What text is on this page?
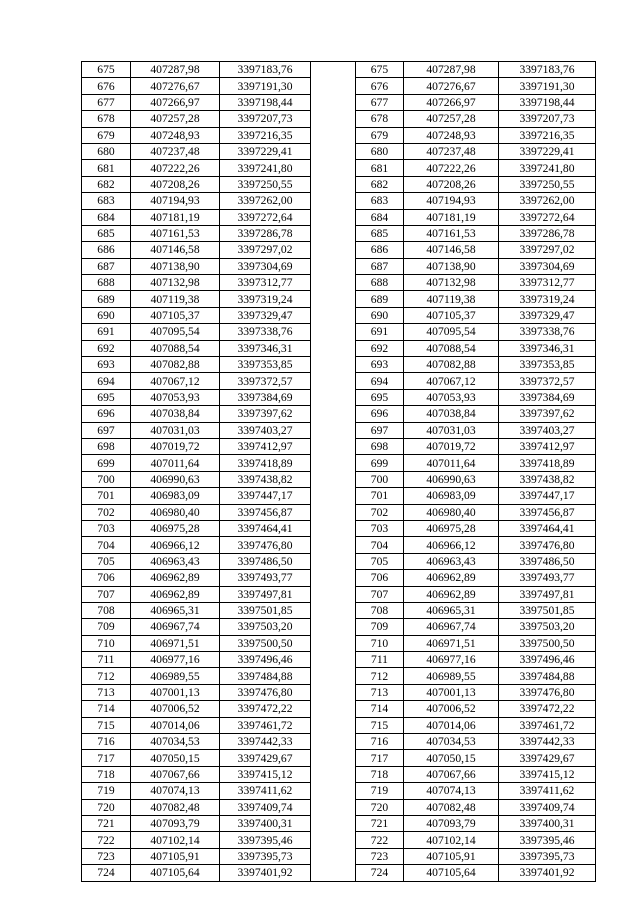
675	407287,98	3397183,76		675	407287,98	3397183,76
676	407276,67	3397191,30		676	407276,67	3397191,30
677	407266,97	3397198,44		677	407266,97	3397198,44
678	407257,28	3397207,73		678	407257,28	3397207,73
679	407248,93	3397216,35		679	407248,93	3397216,35
680	407237,48	3397229,41		680	407237,48	3397229,41
681	407222,26	3397241,80		681	407222,26	3397241,80
682	407208,26	3397250,55		682	407208,26	3397250,55
683	407194,93	3397262,00		683	407194,93	3397262,00
684	407181,19	3397272,64		684	407181,19	3397272,64
685	407161,53	3397286,78		685	407161,53	3397286,78
686	407146,58	3397297,02		686	407146,58	3397297,02
687	407138,90	3397304,69		687	407138,90	3397304,69
688	407132,98	3397312,77		688	407132,98	3397312,77
689	407119,38	3397319,24		689	407119,38	3397319,24
690	407105,37	3397329,47		690	407105,37	3397329,47
691	407095,54	3397338,76		691	407095,54	3397338,76
692	407088,54	3397346,31		692	407088,54	3397346,31
693	407082,88	3397353,85		693	407082,88	3397353,85
694	407067,12	3397372,57		694	407067,12	3397372,57
695	407053,93	3397384,69		695	407053,93	3397384,69
696	407038,84	3397397,62		696	407038,84	3397397,62
697	407031,03	3397403,27		697	407031,03	3397403,27
698	407019,72	3397412,97		698	407019,72	3397412,97
699	407011,64	3397418,89		699	407011,64	3397418,89
700	406990,63	3397438,82		700	406990,63	3397438,82
701	406983,09	3397447,17		701	406983,09	3397447,17
702	406980,40	3397456,87		702	406980,40	3397456,87
703	406975,28	3397464,41		703	406975,28	3397464,41
704	406966,12	3397476,80		704	406966,12	3397476,80
705	406963,43	3397486,50		705	406963,43	3397486,50
706	406962,89	3397493,77		706	406962,89	3397493,77
707	406962,89	3397497,81		707	406962,89	3397497,81
708	406965,31	3397501,85		708	406965,31	3397501,85
709	406967,74	3397503,20		709	406967,74	3397503,20
710	406971,51	3397500,50		710	406971,51	3397500,50
711	406977,16	3397496,46		711	406977,16	3397496,46
712	406989,55	3397484,88		712	406989,55	3397484,88
713	407001,13	3397476,80		713	407001,13	3397476,80
714	407006,52	3397472,22		714	407006,52	3397472,22
715	407014,06	3397461,72		715	407014,06	3397461,72
716	407034,53	3397442,33		716	407034,53	3397442,33
717	407050,15	3397429,67		717	407050,15	3397429,67
718	407067,66	3397415,12		718	407067,66	3397415,12
719	407074,13	3397411,62		719	407074,13	3397411,62
720	407082,48	3397409,74		720	407082,48	3397409,74
721	407093,79	3397400,31		721	407093,79	3397400,31
722	407102,14	3397395,46		722	407102,14	3397395,46
723	407105,91	3397395,73		723	407105,91	3397395,73
724	407105,64	3397401,92		724	407105,64	3397401,92
